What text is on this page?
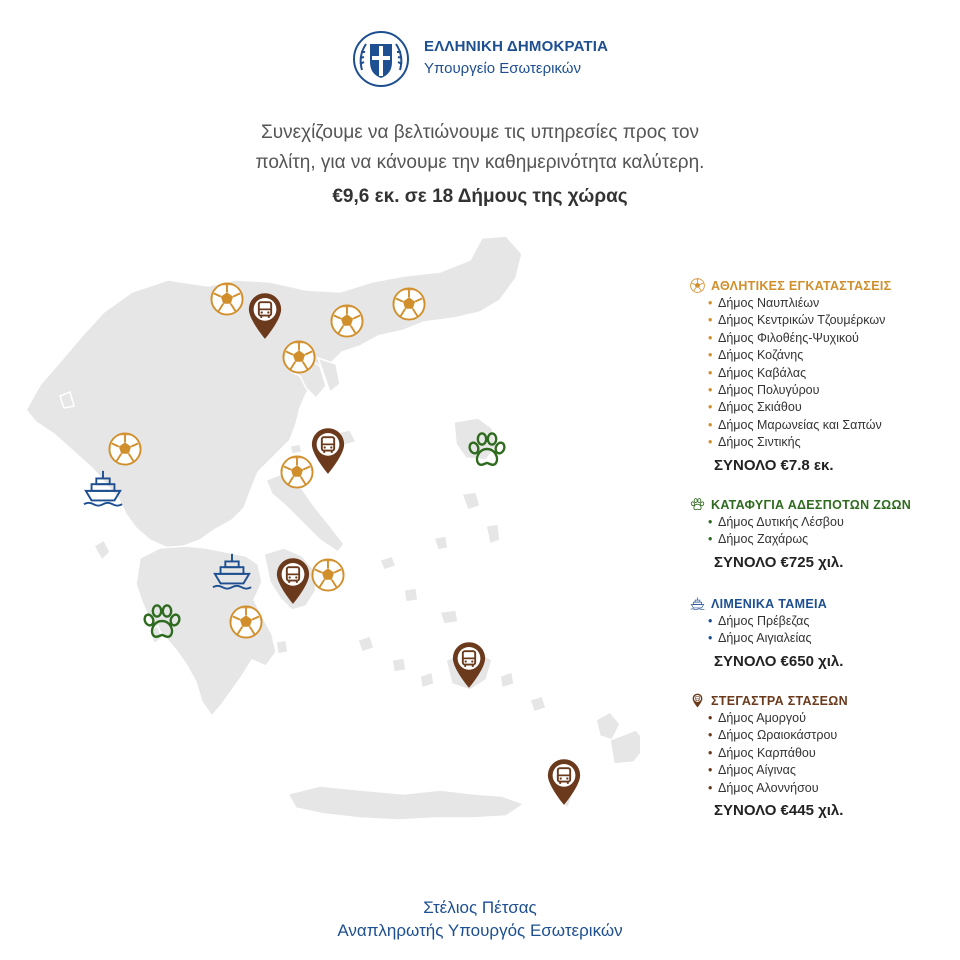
ΕΛΛΗΝΙΚΗ ΔΗΜΟΚΡΑΤΙΑ
Υπουργείο Εσωτερικών
Συνεχίζουμε να βελτιώνουμε τις υπηρεσίες προς τον
πολίτη, για να κάνουμε την καθημερινότητα καλύτερη.
€9,6 εκ. σε 18 Δήμους της χώρας
ΑΘΛΗΤΙΚΕΣ ΕΓΚΑΤΑΣΤΑΣΕΙΣ
• Δήμος Ναυπλιέων
• Δήμος Κεντρικών Τζουμέρκων
• Δήμος Φιλοθέης-Ψυχικού
• Δήμος Κοζάνης
• Δήμος Καβάλας
• Δήμος Πολυγύρου
• Δήμος Σκιάθου
• Δήμος Μαρωνείας και Σαπών
• Δήμος Σιντικής
ΣΥΝΟΛΟ €7.8 εκ.
ΚΑΤΑΦΥΓΙΑ ΑΔΕΣΠΟΤΩΝ ΖΩΩΝ
• Δήμος Δυτικής Λέσβου
• Δήμος Ζαχάρως
ΣΥΝΟΛΟ €725 χιλ.
ΛΙΜΕΝΙΚΑ ΤΑΜΕΙΑ
• Δήμος Πρέβεζας
• Δήμος Αιγιαλείας
ΣΥΝΟΛΟ €650 χιλ.
ΣΤΕΓΑΣΤΡΑ ΣΤΑΣΕΩΝ
• Δήμος Αμοργού
• Δήμος Ωραιοκάστρου
• Δήμος Καρπάθου
• Δήμος Αίγινας
• Δήμος Αλοννήσου
ΣΥΝΟΛΟ €445 χιλ.
Στέλιος Πέτσας
Αναπληρωτής Υπουργός Εσωτερικών
